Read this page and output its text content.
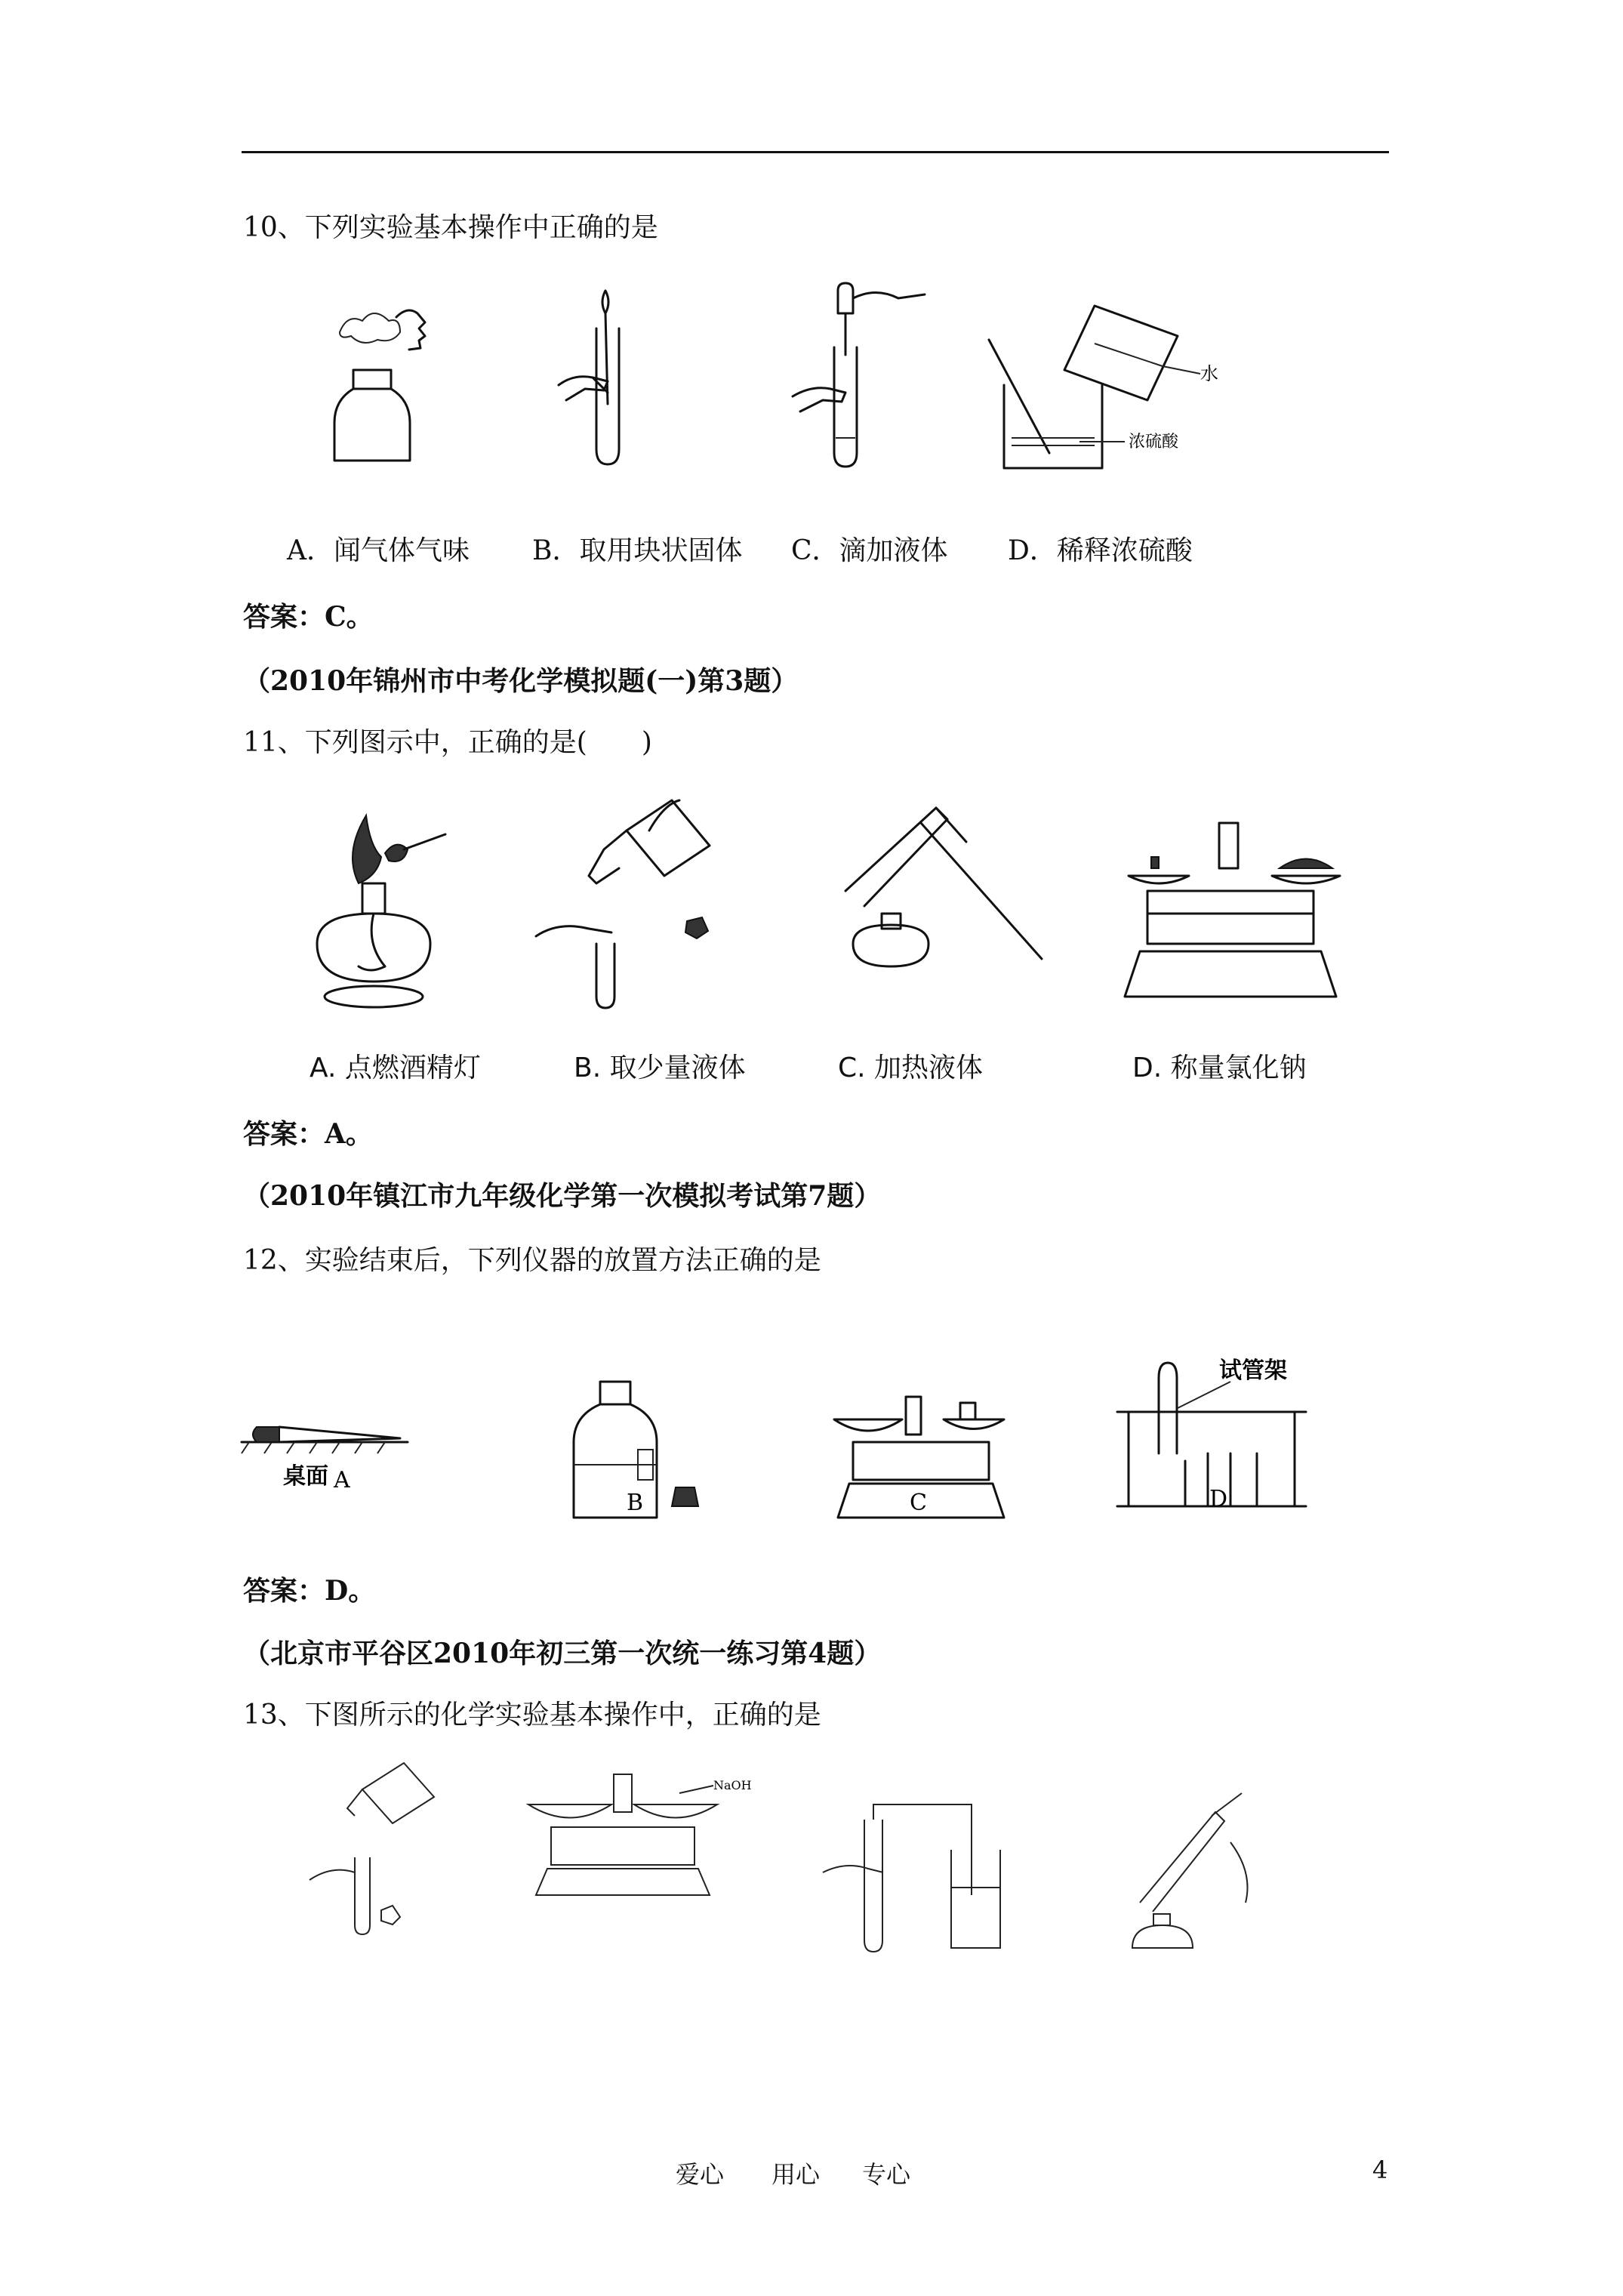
10、下列实验基本操作中正确的是
水
浓硫酸
A．闻气体气味 B．取用块状固体 C．滴加液体 D．稀释浓硫酸
答案：C。
（2010年锦州市中考化学模拟题(一)第3题）
11、下列图示中，正确的是(　　)
A. 点燃酒精灯	B. 取少量液体	C. 加热液体	D. 称量氯化钠
答案：A。
（2010年镇江市九年级化学第一次模拟考试第7题）
12、实验结束后，下列仪器的放置方法正确的是
桌面 A
B	C
试管架
D
答案：D。
（北京市平谷区2010年初三第一次统一练习第4题）
13、下图所示的化学实验基本操作中，正确的是
NaOH
爱心 用心 专心	4
